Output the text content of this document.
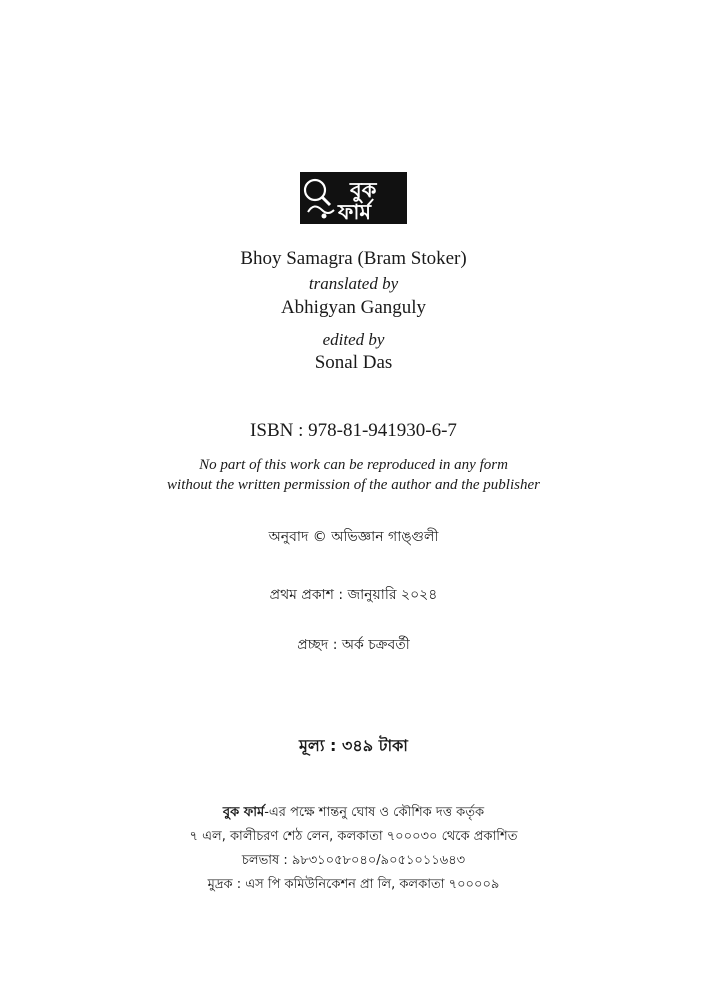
বুক
ফার্ম
Bhoy Samagra (Bram Stoker)
translated by
Abhigyan Ganguly
edited by
Sonal Das
ISBN : 978-81-941930-6-7
No part of this work can be reproduced in any form
without the written permission of the author and the publisher
অনুবাদ © অভিজ্ঞান গাঙ্গুলী
প্রথম প্রকাশ : জানুয়ারি ২০২৪
প্রচ্ছদ : অর্ক চক্রবর্তী
মূল্য : ৩৪৯ টাকা
বুক ফার্ম-এর পক্ষে শান্তনু ঘোষ ও কৌশিক দত্ত কর্তৃক
৭ এল, কালীচরণ শেঠ লেন, কলকাতা ৭০০০৩০ থেকে প্রকাশিত
চলভাষ : ৯৮৩১০৫৮০৪০/৯০৫১০১১৬৪৩
মুদ্রক : এস পি কমিউনিকেশন প্রা লি, কলকাতা ৭০০০০৯
